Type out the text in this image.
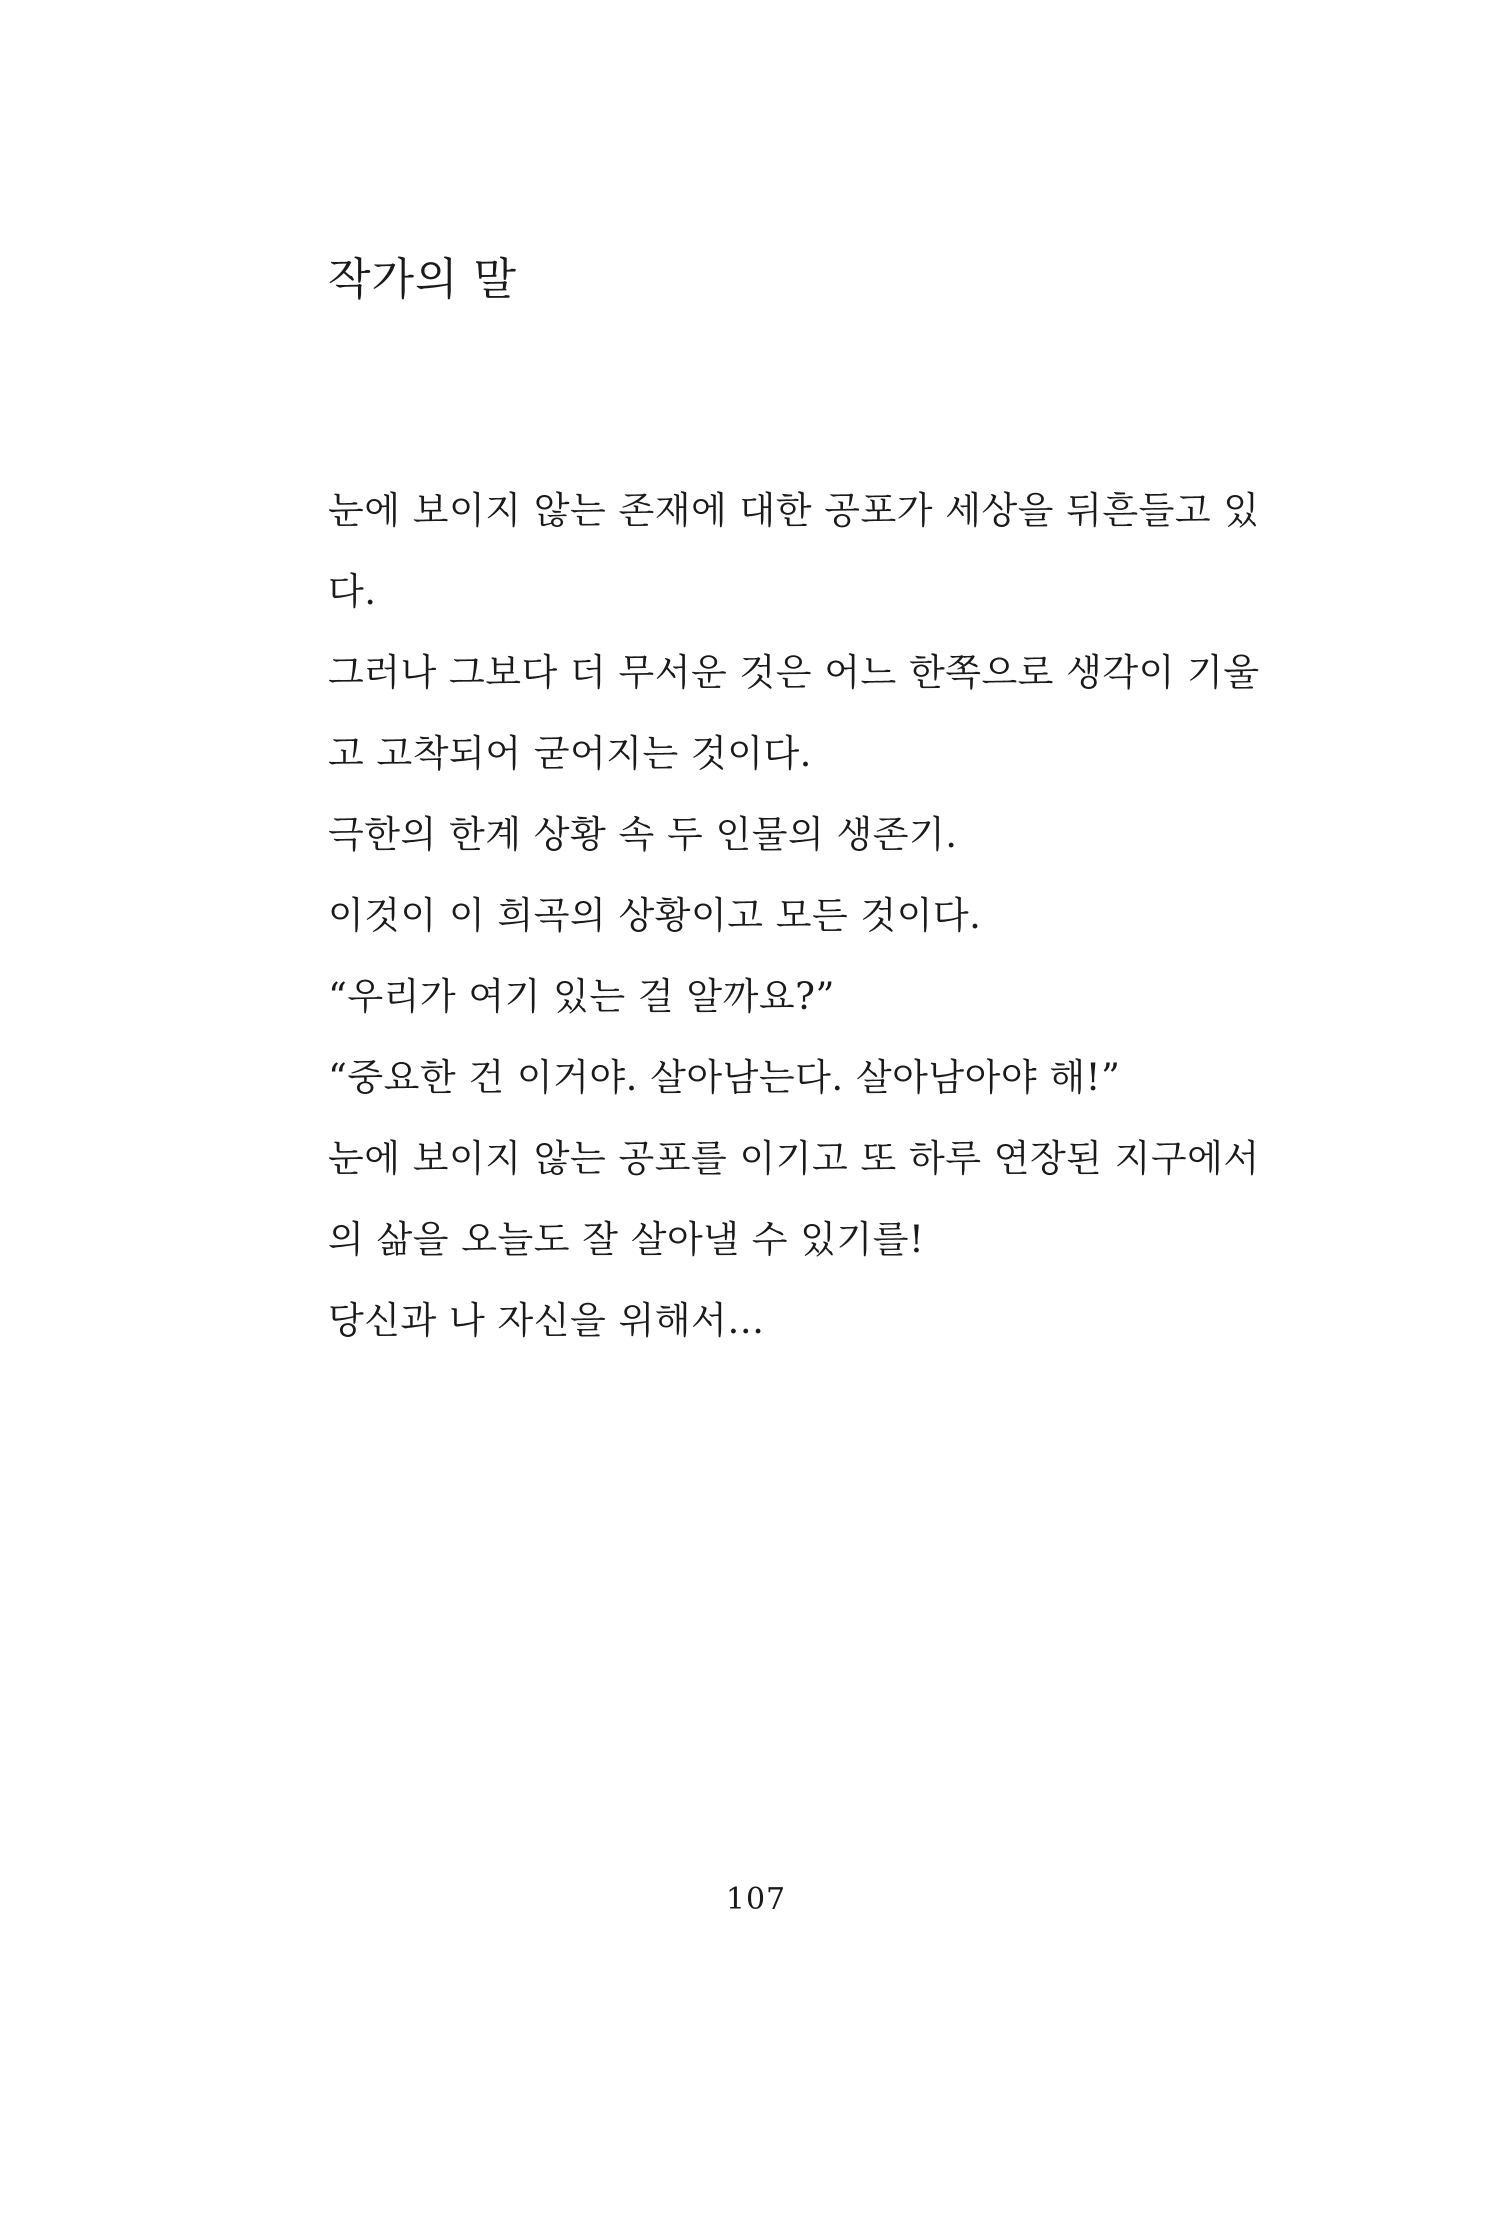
작가의 말
눈에 보이지 않는 존재에 대한 공포가 세상을 뒤흔들고 있
다.
그러나 그보다 더 무서운 것은 어느 한쪽으로 생각이 기울
고 고착되어 굳어지는 것이다.
극한의 한계 상황 속 두 인물의 생존기.
이것이 이 희곡의 상황이고 모든 것이다.
“우리가 여기 있는 걸 알까요?”
“중요한 건 이거야. 살아남는다. 살아남아야 해!”
눈에 보이지 않는 공포를 이기고 또 하루 연장된 지구에서
의 삶을 오늘도 잘 살아낼 수 있기를!
당신과 나 자신을 위해서…
107
